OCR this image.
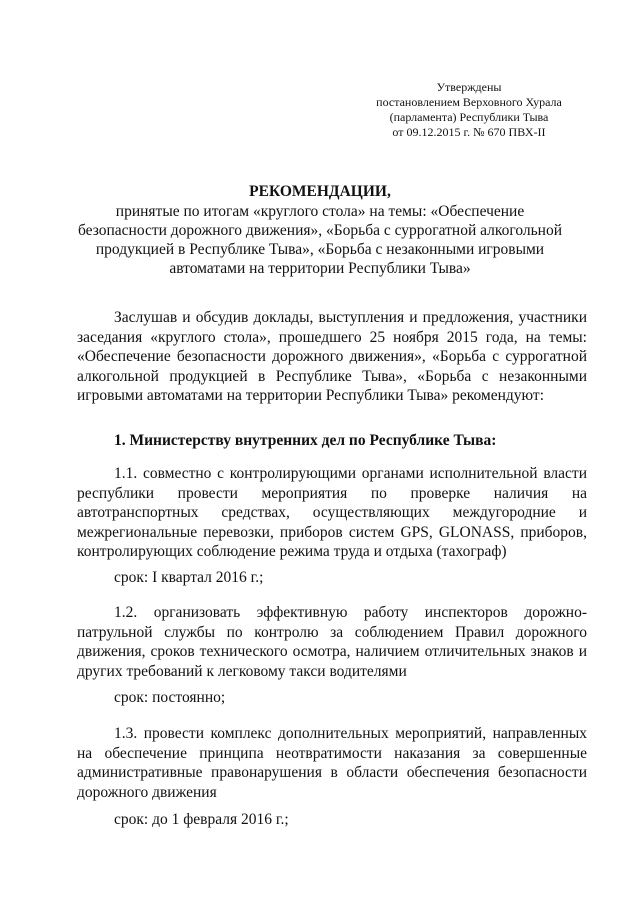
Утверждены
постановлением Верховного Хурала
(парламента) Республики Тыва
от 09.12.2015 г. № 670 ПВХ-II
РЕКОМЕНДАЦИИ,
принятые по итогам «круглого стола» на темы: «Обеспечение безопасности дорожного движения», «Борьба с суррогатной алкогольной продукцией в Республике Тыва», «Борьба с незаконными игровыми автоматами на территории Республики Тыва»
Заслушав и обсудив доклады, выступления и предложения, участники заседания «круглого стола», прошедшего 25 ноября 2015 года, на темы: «Обеспечение безопасности дорожного движения», «Борьба с суррогатной алкогольной продукцией в Республике Тыва», «Борьба с незаконными игровыми автоматами на территории Республики Тыва» рекомендуют:
1. Министерству внутренних дел по Республике Тыва:
1.1. совместно с контролирующими органами исполнительной власти республики провести мероприятия по проверке наличия на автотранспортных средствах, осуществляющих междугородние и межрегиональные перевозки, приборов систем GPS, GLONASS, приборов, контролирующих соблюдение режима труда и отдыха (тахограф)
срок: I квартал 2016 г.;
1.2. организовать эффективную работу инспекторов дорожно-патрульной службы по контролю за соблюдением Правил дорожного движения, сроков технического осмотра, наличием отличительных знаков и других требований к легковому такси водителями
срок: постоянно;
1.3. провести комплекс дополнительных мероприятий, направленных на обеспечение принципа неотвратимости наказания за совершенные административные правонарушения в области обеспечения безопасности дорожного движения
срок: до 1 февраля 2016 г.;
